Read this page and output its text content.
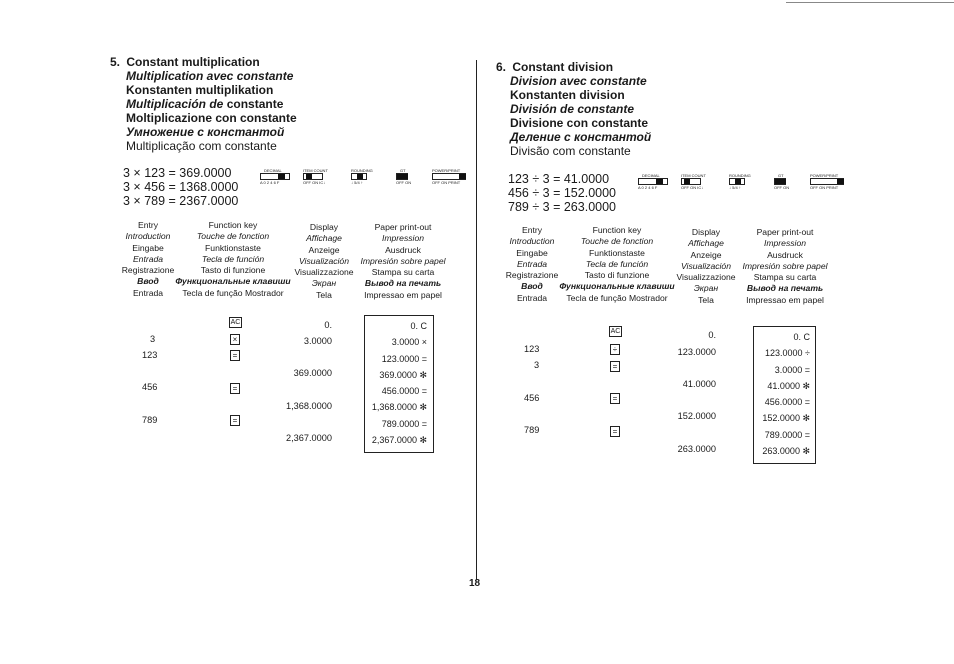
18
5. Constant multiplication
Multiplication avec constante
Konstanten multiplikation
Multiplicación de constante
Moltiplicazione con constante
Умножение с константой
Multiplicação com constante
3 × 123 = 369.0000
3 × 456 = 1368.0000
3 × 789 = 2367.0000
DECIMAL
A 0 2 4 6 F
ITEM COUNT
OFF ON IC↓
ROUNDING
↓ 5/4 ↑
GT
OFF ON
POWER/PRINT
OFF ON PRINT
Entry
Introduction
Eingabe
Entrada
Registrazione
Ввод
Entrada
Function key
Touche de fonction
Funktionstaste
Tecla de función
Tasto di funzione
Функциональные клавиши
Tecla de função Mostrador
Display
Affichage
Anzeige
Visualización
Visualizzazione
Экран
Tela
Paper print-out
Impression
Ausdruck
Impresión sobre papel
Stampa su carta
Вывод на печать
Impressao em papel
3
123
456
789
AC
×
=
=
=
0.
3.0000
369.0000
1,368.0000
2,367.0000
0. C
3.0000 ×
123.0000 =
369.0000 ✻
456.0000 =
1,368.0000 ✻
789.0000 =
2,367.0000 ✻
6. Constant division
Division avec constante
Konstanten division
División de constante
Divisione con constante
Деление с константой
Divisão com constante
123 ÷ 3 = 41.0000
456 ÷ 3 = 152.0000
789 ÷ 3 = 263.0000
DECIMAL
A 0 2 4 6 F
ITEM COUNT
OFF ON IC↓
ROUNDING
↓ 5/4 ↑
GT
OFF ON
POWER/PRINT
OFF ON PRINT
Entry
Introduction
Eingabe
Entrada
Registrazione
Ввод
Entrada
Function key
Touche de fonction
Funktionstaste
Tecla de función
Tasto di funzione
Функциональные клавиши
Tecla de função Mostrador
Display
Affichage
Anzeige
Visualización
Visualizzazione
Экран
Tela
Paper print-out
Impression
Ausdruck
Impresión sobre papel
Stampa su carta
Вывод на печать
Impressao em papel
123
3
456
789
AC
÷
=
=
=
0.
123.0000
41.0000
152.0000
263.0000
0. C
123.0000 ÷
3.0000 =
41.0000 ✻
456.0000 =
152.0000 ✻
789.0000 =
263.0000 ✻
